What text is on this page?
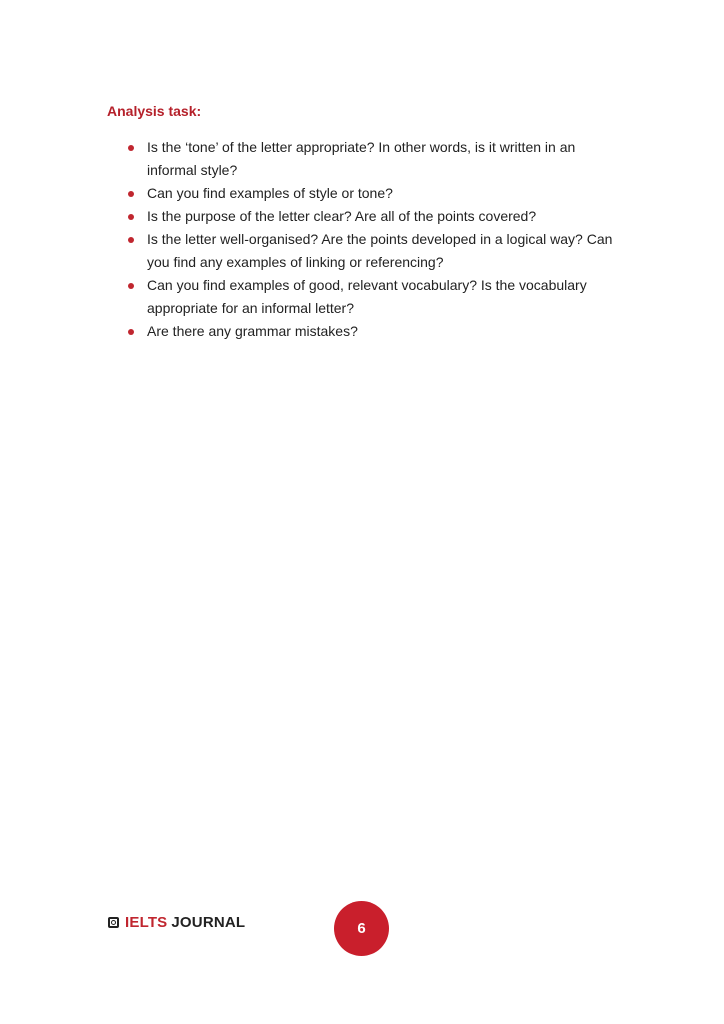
Analysis task:
Is the ‘tone’ of the letter appropriate? In other words, is it written in an informal style?
Can you find examples of style or tone?
Is the purpose of the letter clear? Are all of the points covered?
Is the letter well-organised? Are the points developed in a logical way? Can you find any examples of linking or referencing?
Can you find examples of good, relevant vocabulary? Is the vocabulary appropriate for an informal letter?
Are there any grammar mistakes?
IELTS JOURNAL	6
